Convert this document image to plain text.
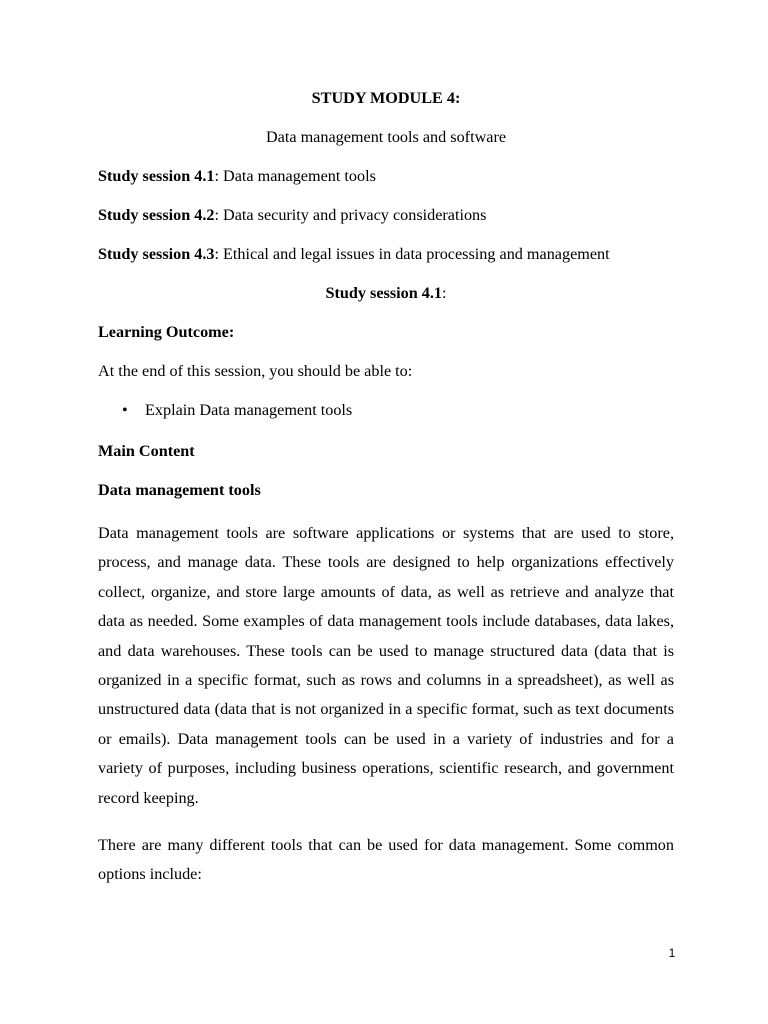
STUDY MODULE 4:

Data management tools and software

Study session 4.1: Data management tools

Study session 4.2: Data security and privacy considerations

Study session 4.3: Ethical and legal issues in data processing and management

Study session 4.1:

Learning Outcome:

At the end of this session, you should be able to:

• Explain Data management tools

Main Content

Data management tools

Data management tools are software applications or systems that are used to store, process, and manage data. These tools are designed to help organizations effectively collect, organize, and store large amounts of data, as well as retrieve and analyze that data as needed. Some examples of data management tools include databases, data lakes, and data warehouses. These tools can be used to manage structured data (data that is organized in a specific format, such as rows and columns in a spreadsheet), as well as unstructured data (data that is not organized in a specific format, such as text documents or emails). Data management tools can be used in a variety of industries and for a variety of purposes, including business operations, scientific research, and government record keeping.

There are many different tools that can be used for data management. Some common options include:

1
